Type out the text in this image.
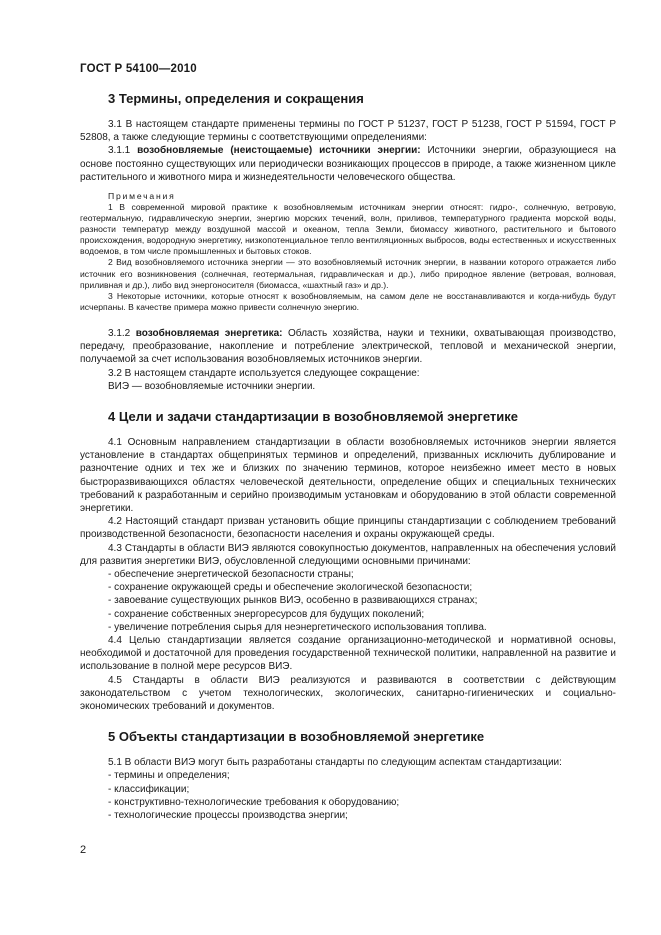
ГОСТ Р 54100—2010
3 Термины, определения и сокращения

3.1 В настоящем стандарте применены термины по ГОСТ Р 51237, ГОСТ Р 51238, ГОСТ Р 51594, ГОСТ Р 52808, а также следующие термины с соответствующими определениями:

3.1.1 возобновляемые (неистощаемые) источники энергии: Источники энергии, образующиеся на основе постоянно существующих или периодически возникающих процессов в природе, а также жизненном цикле растительного и животного мира и жизнедеятельности человеческого общества.

Примечания

1 В современной мировой практике к возобновляемым источникам энергии относят: гидро-, солнечную, ветровую, геотермальную, гидравлическую энергии, энергию морских течений, волн, приливов, температурного градиента морской воды, разности температур между воздушной массой и океаном, тепла Земли, биомассу животного, растительного и бытового происхождения, водородную энергетику, низкопотенциальное тепло вентиляционных выбросов, воды естественных и искусственных водоемов, в том числе промышленных и бытовых стоков.

2 Вид возобновляемого источника энергии — это возобновляемый источник энергии, в названии которого отражается либо источник его возникновения (солнечная, геотермальная, гидравлическая и др.), либо природное явление (ветровая, волновая, приливная и др.), либо вид энергоносителя (биомасса, «шахтный газ» и др.).

3 Некоторые источники, которые относят к возобновляемым, на самом деле не восстанавливаются и когда-нибудь будут исчерпаны. В качестве примера можно привести солнечную энергию.

3.1.2 возобновляемая энергетика: Область хозяйства, науки и техники, охватывающая производство, передачу, преобразование, накопление и потребление электрической, тепловой и механической энергии, получаемой за счет использования возобновляемых источников энергии.

3.2 В настоящем стандарте используется следующее сокращение:

ВИЭ — возобновляемые источники энергии.

4 Цели и задачи стандартизации в возобновляемой энергетике

4.1 Основным направлением стандартизации в области возобновляемых источников энергии является установление в стандартах общепринятых терминов и определений, призванных исключить дублирование и разночтение одних и тех же и близких по значению терминов, которое неизбежно имеет место в новых быстроразвивающихся областях человеческой деятельности, определение общих и специальных технических требований к разработанным и серийно производимым установкам и оборудованию в этой области современной энергетики.

4.2 Настоящий стандарт призван установить общие принципы стандартизации с соблюдением требований производственной безопасности, безопасности населения и охраны окружающей среды.

4.3 Стандарты в области ВИЭ являются совокупностью документов, направленных на обеспечения условий для развития энергетики ВИЭ, обусловленной следующими основными причинами:

- обеспечение энергетической безопасности страны;
- сохранение окружающей среды и обеспечение экологической безопасности;
- завоевание существующих рынков ВИЭ, особенно в развивающихся странах;
- сохранение собственных энергоресурсов для будущих поколений;
- увеличение потребления сырья для неэнергетического использования топлива.

4.4 Целью стандартизации является создание организационно-методической и нормативной основы, необходимой и достаточной для проведения государственной технической политики, направленной на развитие и использование в полной мере ресурсов ВИЭ.

4.5 Стандарты в области ВИЭ реализуются и развиваются в соответствии с действующим законодательством с учетом технологических, экологических, санитарно-гигиенических и социально-экономических требований и документов.

5 Объекты стандартизации в возобновляемой энергетике

5.1 В области ВИЭ могут быть разработаны стандарты по следующим аспектам стандартизации:

- термины и определения;
- классификации;
- конструктивно-технологические требования к оборудованию;
- технологические процессы производства энергии;
2
